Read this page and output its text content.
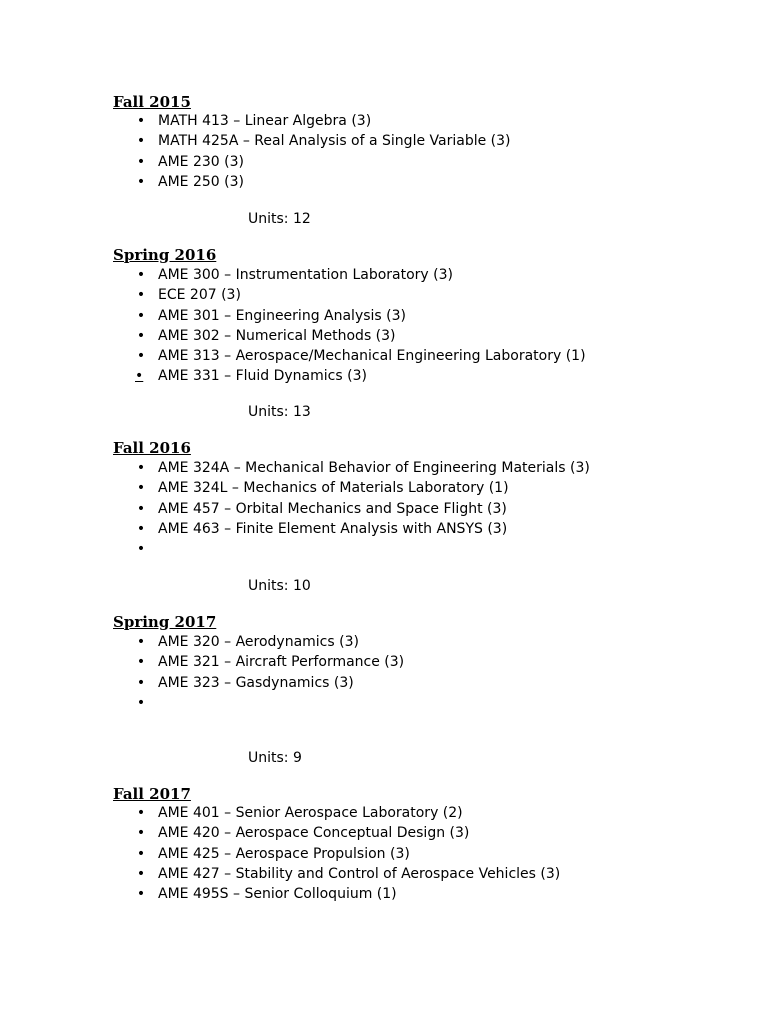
Fall 2015
• MATH 413 – Linear Algebra (3)
• MATH 425A – Real Analysis of a Single Variable (3)
• AME 230 (3)
• AME 250 (3)

Units: 12

Spring 2016
• AME 300 – Instrumentation Laboratory (3)
• ECE 207 (3)
• AME 301 – Engineering Analysis (3)
• AME 302 – Numerical Methods (3)
• AME 313 – Aerospace/Mechanical Engineering Laboratory (1)
•	AME 331 – Fluid Dynamics (3)

Units: 13

Fall 2016
• AME 324A – Mechanical Behavior of Engineering Materials (3)
• AME 324L – Mechanics of Materials Laboratory (1)
• AME 457 – Orbital Mechanics and Space Flight (3)
• AME 463 – Finite Element Analysis with ANSYS (3)
•

Units: 10

Spring 2017
• AME 320 – Aerodynamics (3)
• AME 321 – Aircraft Performance (3)
• AME 323 – Gasdynamics (3)
•

Units: 9

Fall 2017
• AME 401 – Senior Aerospace Laboratory (2)
• AME 420 – Aerospace Conceptual Design (3)
• AME 425 – Aerospace Propulsion (3)
• AME 427 – Stability and Control of Aerospace Vehicles (3)
• AME 495S – Senior Colloquium (1)
